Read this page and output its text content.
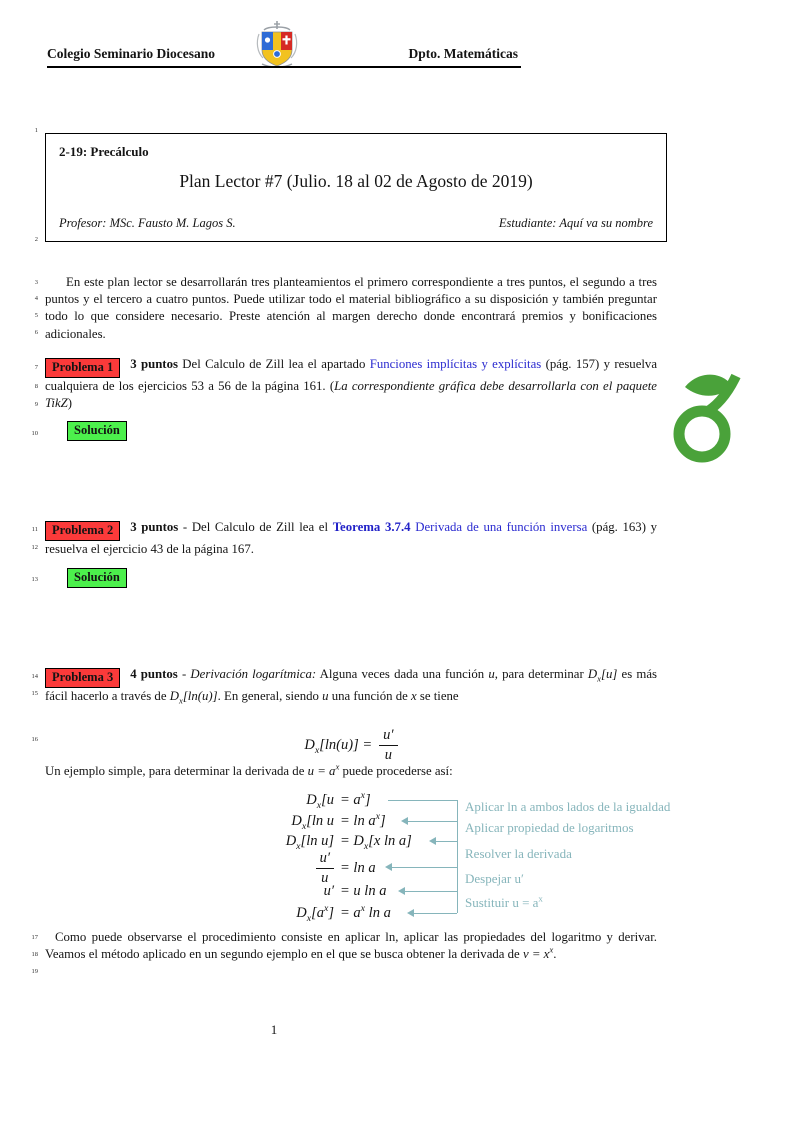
Colegio Seminario Diocesano	Dpto. Matemáticas
1
2
3
4
5
6
7
8
9
10
11
12
13
14
15
16
17
18
19
2-19: Precálculo
Plan Lector #7 (Julio. 18 al 02 de Agosto de 2019)
Profesor: MSc. Fausto M. Lagos S.	Estudiante: Aquí va su nombre

En este plan lector se desarrollarán tres planteamientos el primero correspondiente a tres puntos, el segundo a tres puntos y el tercero a cuatro puntos. Puede utilizar todo el material bibliográfico a su disposición y también preguntar todo lo que considere necesario. Preste atención al margen derecho donde encontrará premios y bonificaciones adicionales.

Problema 1 3 puntos Del Calculo de Zill lea el apartado Funciones implícitas y explícitas (pág. 157) y resuelva cualquiera de los ejercicios 53 a 56 de la página 161. (La correspondiente gráfica debe desarrollarla con el paquete TikZ)

Solución

Problema 2 3 puntos - Del Calculo de Zill lea el Teorema 3.7.4 Derivada de una función inversa (pág. 163) y resuelva el ejercicio 43 de la página 167.

Solución

Problema 3 4 puntos - Derivación logarítmica: Alguna veces dada una función u, para determinar $D_x[u]$ es más fácil hacerlo a través de $D_x[\ln(u)]$. En general, siendo u una función de x se tiene

$D_x[\ln(u)] = \frac{u'}{u}$

Un ejemplo simple, para determinar la derivada de $u = a^x$ puede procederse así:

$D_x[u = a^x]$
$D_x[\ln$ $u = \ln a^x$]
$D_x[\ln$ $u] = D_x[x$ ln a]
$\frac{u'}{u} = \ln a$
u′ = u ln a
$D_x[a^x] = a^x$ ln a
Aplicar ln a ambos lados de la igualdad
Aplicar propiedad de logaritmos
Resolver la derivada
Despejar u′
Sustituir $u = a^x$

Como puede observarse el procedimiento consiste en aplicar ln, aplicar las propiedades del logaritmo y derivar. Veamos el método aplicado en un segundo ejemplo en el que se busca obtener la derivada de $v = x^x$.

1
